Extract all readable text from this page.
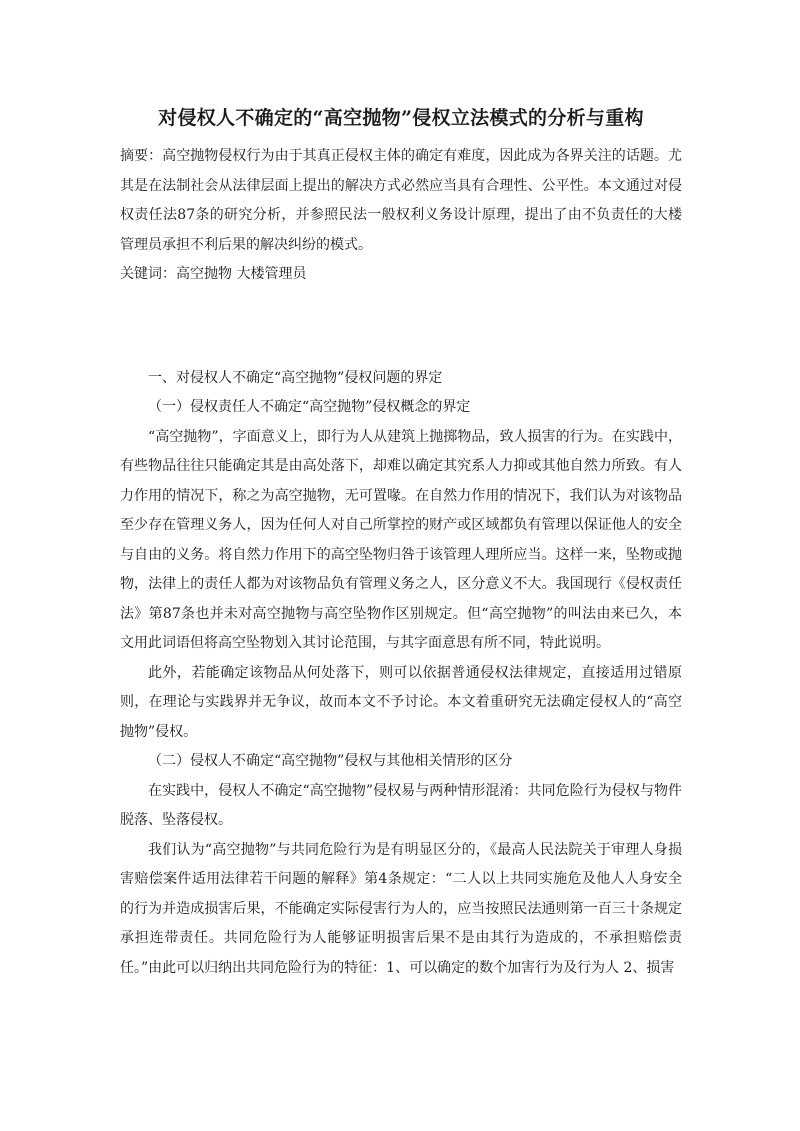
对侵权人不确定的“高空抛物”侵权立法模式的分析与重构

摘要：高空抛物侵权行为由于其真正侵权主体的确定有难度，因此成为各界关注的话题。尤其是在法制社会从法律层面上提出的解决方式必然应当具有合理性、公平性。本文通过对侵权责任法87条的研究分析，并参照民法一般权利义务设计原理，提出了由不负责任的大楼管理员承担不利后果的解决纠纷的模式。

关键词：高空抛物 大楼管理员

一、对侵权人不确定“高空抛物”侵权问题的界定

（一）侵权责任人不确定“高空抛物”侵权概念的界定

“高空抛物”，字面意义上，即行为人从建筑上抛掷物品，致人损害的行为。在实践中，有些物品往往只能确定其是由高处落下，却难以确定其究系人力抑或其他自然力所致。有人力作用的情况下，称之为高空抛物，无可置喙。在自然力作用的情况下，我们认为对该物品至少存在管理义务人，因为任何人对自己所掌控的财产或区域都负有管理以保证他人的安全与自由的义务。将自然力作用下的高空坠物归咎于该管理人理所应当。这样一来，坠物或抛物，法律上的责任人都为对该物品负有管理义务之人，区分意义不大。我国现行《侵权责任法》第87条也并未对高空抛物与高空坠物作区别规定。但“高空抛物”的叫法由来已久，本文用此词语但将高空坠物划入其讨论范围，与其字面意思有所不同，特此说明。

此外，若能确定该物品从何处落下，则可以依据普通侵权法律规定，直接适用过错原则，在理论与实践界并无争议，故而本文不予讨论。本文着重研究无法确定侵权人的“高空抛物”侵权。

（二）侵权人不确定“高空抛物”侵权与其他相关情形的区分

在实践中，侵权人不确定“高空抛物”侵权易与两种情形混淆：共同危险行为侵权与物件脱落、坠落侵权。

我们认为“高空抛物”与共同危险行为是有明显区分的，《最高人民法院关于审理人身损害赔偿案件适用法律若干问题的解释》第4条规定：“二人以上共同实施危及他人人身安全的行为并造成损害后果，不能确定实际侵害行为人的，应当按照民法通则第一百三十条规定承担连带责任。共同危险行为人能够证明损害后果不是由其行为造成的，不承担赔偿责任。”由此可以归纳出共同危险行为的特征：1、可以确定的数个加害行为及行为人 2、损害
